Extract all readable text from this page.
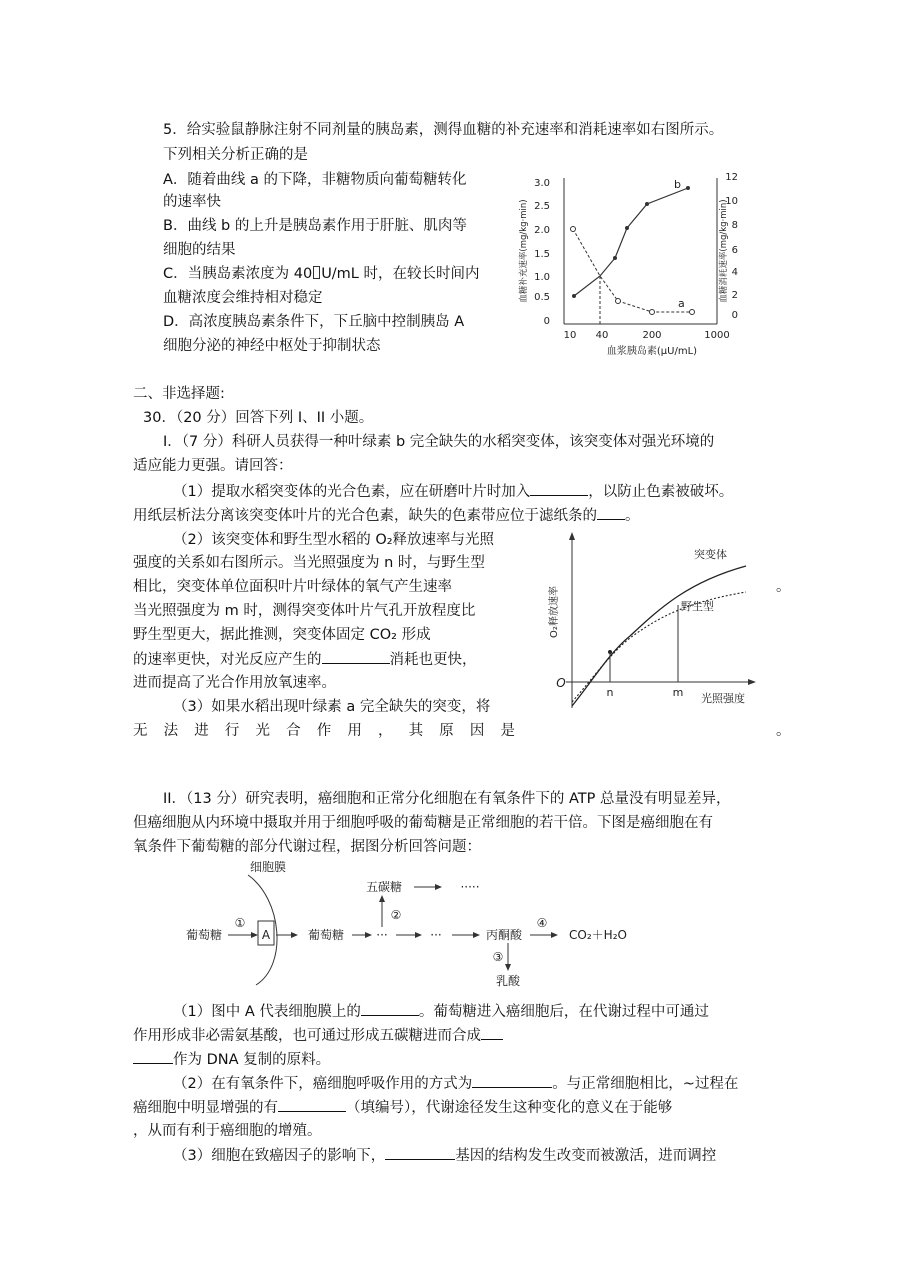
5．给实验鼠静脉注射不同剂量的胰岛素，测得血糖的补充速率和消耗速率如右图所示。
下列相关分析正确的是
A．随着曲线 a 的下降，非糖物质向葡萄糖转化
的速率快
B．曲线 b 的上升是胰岛素作用于肝脏、肌肉等
细胞的结果
C．当胰岛素浓度为 40 U/mL 时，在较长时间内
血糖浓度会维持相对稳定
D．高浓度胰岛素条件下，下丘脑中控制胰岛 A
细胞分泌的神经中枢处于抑制状态
3.0
2.5
2.0
1.5
1.0
0.5
0
12
10
8
6
4
2
0
10 40	200	1000
血浆胰岛素(μU/mL)
血糖补充速率(mg/kg·min)	血糖消耗速率(mg/kg·min)
a
b
二、非选择题:
30．（20 分）回答下列 I、II 小题。
I．（7 分）科研人员获得一种叶绿素 b 完全缺失的水稻突变体，该突变体对强光环境的
适应能力更强。请回答：
（1）提取水稻突变体的光合色素，应在研磨叶片时加入	，以防止色素被破坏。
用纸层析法分离该突变体叶片的光合色素，缺失的色素带应位于滤纸条的 。
（2）该突变体和野生型水稻的 O₂释放速率与光照
强度的关系如右图所示。当光照强度为 n 时，与野生型
相比，突变体单位面积叶片叶绿体的氧气产生速率
当光照强度为 m 时，测得突变体叶片气孔开放程度比
野生型更大，据此推测，突变体固定 CO₂ 形成
的速率更快，对光反应产生的	消耗也更快，
进而提高了光合作用放氧速率。
。
（3）如果水稻出现叶绿素 a 完全缺失的突变，将
无 法 进 行 光 合 作 用 ， 其 原 因 是	。
O
O₂释放速率
光照强度
n	m
突变体
野生型
II．（13 分）研究表明，癌细胞和正常分化细胞在有氧条件下的 ATP 总量没有明显差异，
但癌细胞从内环境中摄取并用于细胞呼吸的葡萄糖是正常细胞的若干倍。下图是癌细胞在有
氧条件下葡萄糖的部分代谢过程，据图分析回答问题：
细胞膜
葡萄糖
①
A	葡萄糖	···
②
五碳糖	·····
···	丙酮酸
④
CO₂＋H₂O
③
乳酸
（1）图中 A 代表细胞膜上的	。葡萄糖进入癌细胞后，在代谢过程中可通过
作用形成非必需氨基酸，也可通过形成五碳糖进而合成
作为 DNA 复制的原料。
（2）在有氧条件下，癌细胞呼吸作用的方式为	。与正常细胞相比，~过程在
癌细胞中明显增强的有	（填编号），代谢途径发生这种变化的意义在于能够
，从而有利于癌细胞的增殖。
（3）细胞在致癌因子的影响下，	基因的结构发生改变而被激活，进而调控
